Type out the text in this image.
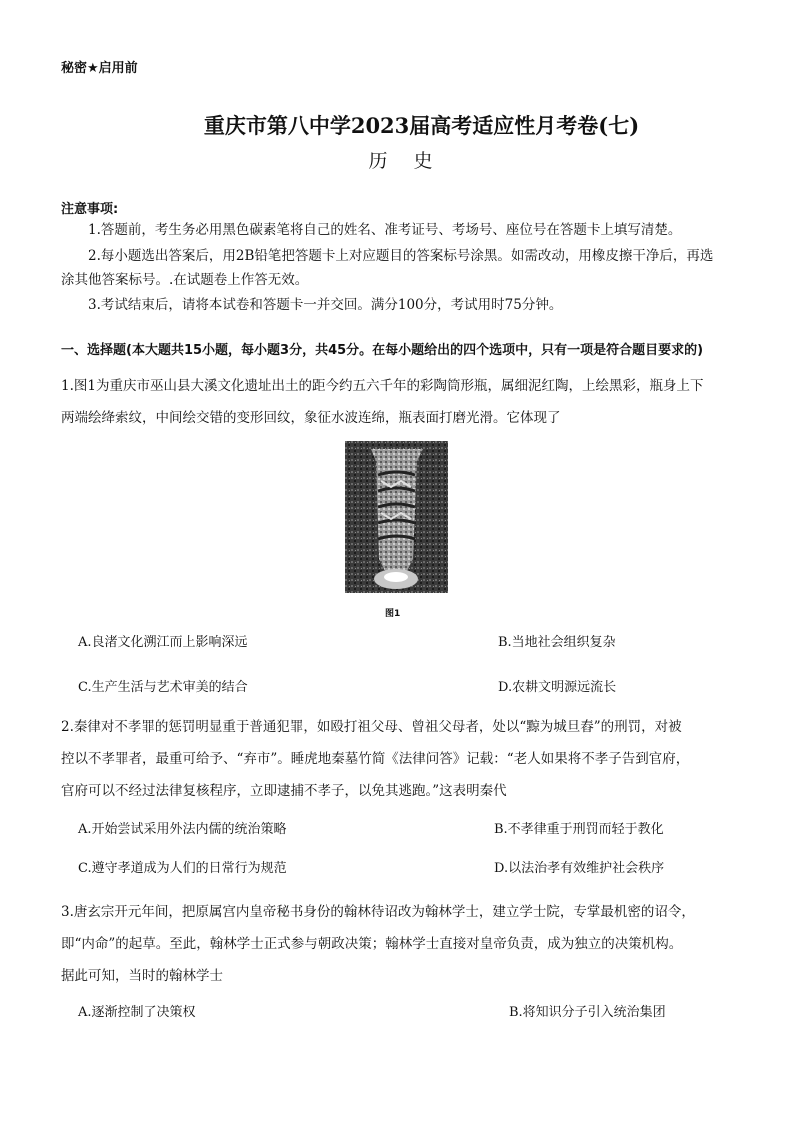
秘密★启用前
重庆市第八中学2023届高考适应性月考卷(七)
历史
注意事项:
1.答题前，考生务必用黑色碳素笔将自己的姓名、准考证号、考场号、座位号在答题卡上填写清楚。
2.每小题选出答案后，用2B铅笔把答题卡上对应题目的答案标号涂黑。如需改动，用橡皮擦干净后，再选
涂其他答案标号。.在试题卷上作答无效。
3.考试结束后，请将本试卷和答题卡一并交回。满分100分，考试用时75分钟。
一、选择题(本大题共15小题，每小题3分，共45分。在每小题给出的四个选项中，只有一项是符合题目要求的)
1.图1为重庆市巫山县大溪文化遗址出土的距今约五六千年的彩陶筒形瓶，属细泥红陶，上绘黑彩，瓶身上下
两端绘绛索纹，中间绘交错的变形回纹，象征水波连绵，瓶表面打磨光滑。它体现了
图1
A.良渚文化溯江而上影响深远	B.当地社会组织复杂
C.生产生活与艺术审美的结合	D.农耕文明源远流长
2.秦律对不孝罪的惩罚明显重于普通犯罪，如殴打祖父母、曾祖父母者，处以“黥为城旦舂”的刑罚，对被
控以不孝罪者，最重可给予、“弃市”。睡虎地秦墓竹简《法律问答》记载：“老人如果将不孝子告到官府，
官府可以不经过法律复核程序，立即逮捕不孝子，以免其逃跑。”这表明秦代
A.开始尝试采用外法内儒的统治策略	B.不孝律重于刑罚而轻于教化
C.遵守孝道成为人们的日常行为规范	D.以法治孝有效维护社会秩序
3.唐玄宗开元年间，把原属宫内皇帝秘书身份的翰林待诏改为翰林学士，建立学士院，专掌最机密的诏令，
即“内命”的起草。至此，翰林学士正式参与朝政决策；翰林学士直接对皇帝负责，成为独立的决策机构。
据此可知，当时的翰林学士
A.逐渐控制了决策权	B.将知识分子引入统治集团
